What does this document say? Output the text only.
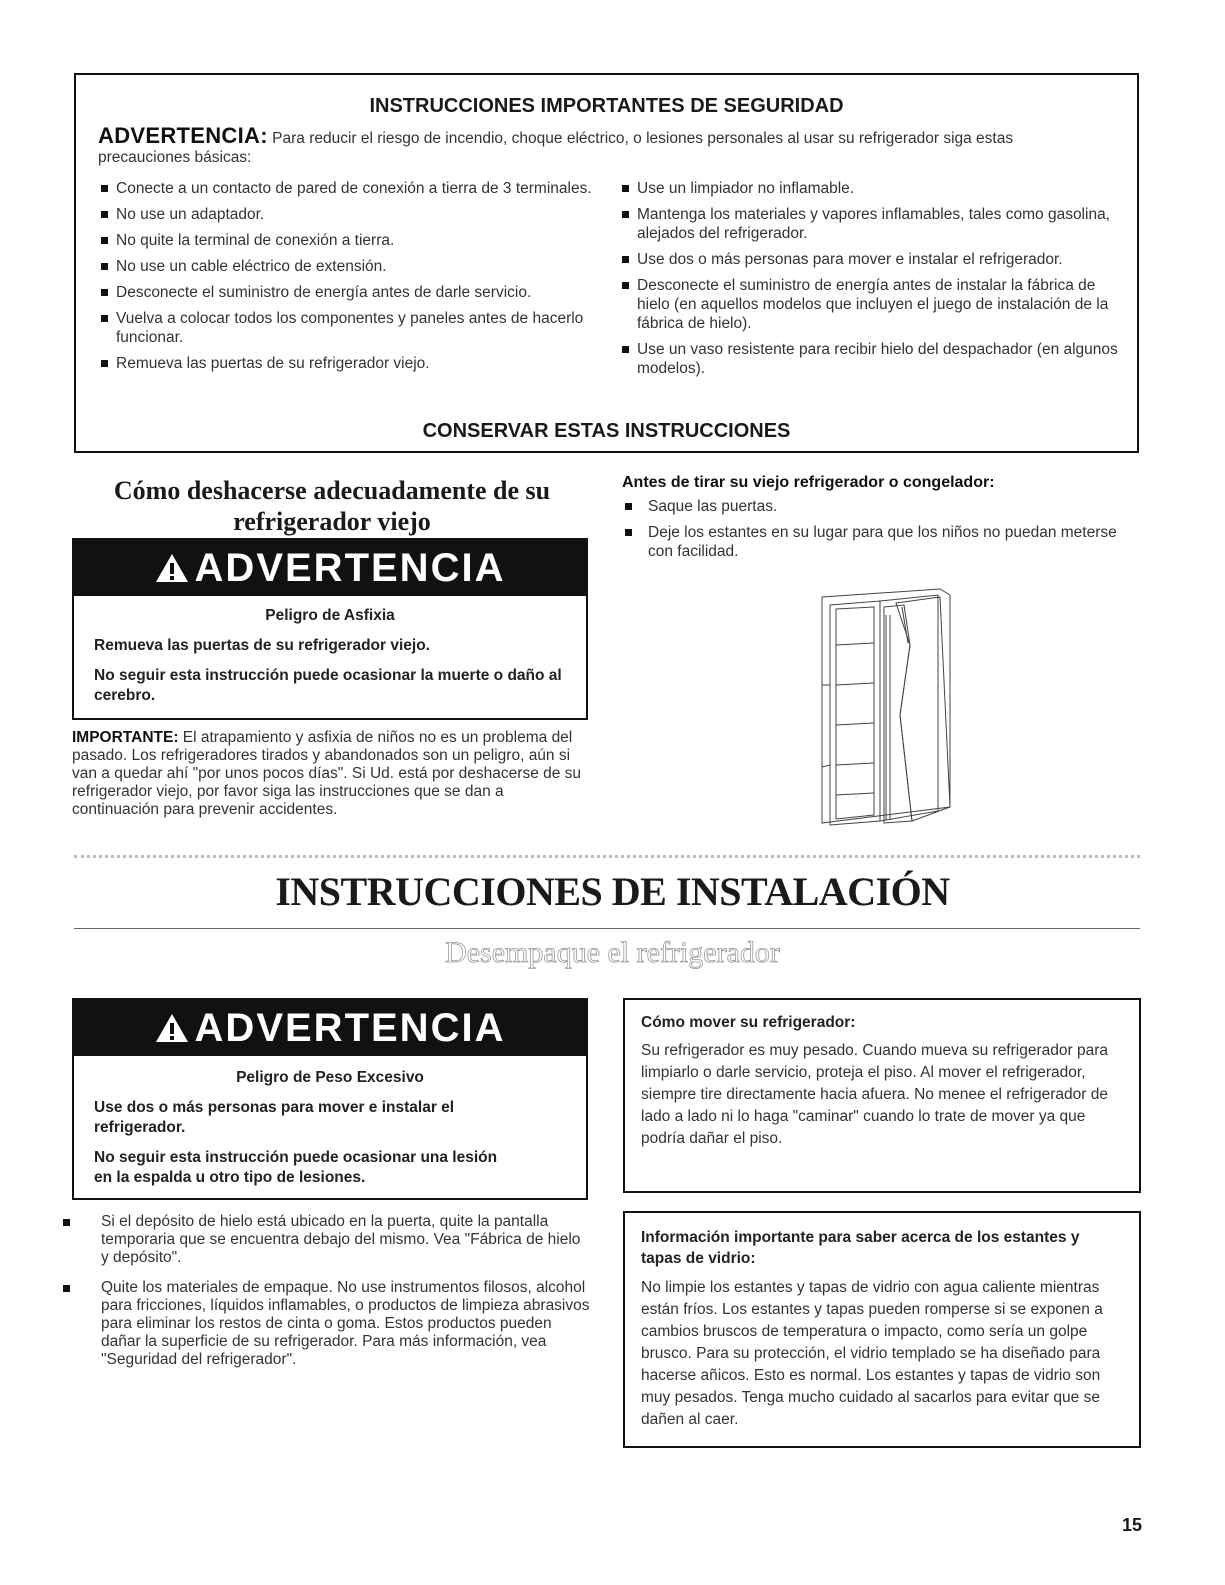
INSTRUCCIONES IMPORTANTES DE SEGURIDAD
ADVERTENCIA: Para reducir el riesgo de incendio, choque eléctrico, o lesiones personales al usar su refrigerador siga estas precauciones básicas:
Conecte a un contacto de pared de conexión a tierra de 3 terminales.
No use un adaptador.
No quite la terminal de conexión a tierra.
No use un cable eléctrico de extensión.
Desconecte el suministro de energía antes de darle servicio.
Vuelva a colocar todos los componentes y paneles antes de hacerlo funcionar.
Remueva las puertas de su refrigerador viejo.
Use un limpiador no inflamable.
Mantenga los materiales y vapores inflamables, tales como gasolina, alejados del refrigerador.
Use dos o más personas para mover e instalar el refrigerador.
Desconecte el suministro de energía antes de instalar la fábrica de hielo (en aquellos modelos que incluyen el juego de instalación de la fábrica de hielo).
Use un vaso resistente para recibir hielo del despachador (en algunos modelos).
CONSERVAR ESTAS INSTRUCCIONES
Cómo deshacerse adecuadamente de su refrigerador viejo
ADVERTENCIA
Peligro de Asfixia
Remueva las puertas de su refrigerador viejo.
No seguir esta instrucción puede ocasionar la muerte o daño al cerebro.
IMPORTANTE: El atrapamiento y asfixia de niños no es un problema del pasado. Los refrigeradores tirados y abandonados son un peligro, aún si van a quedar ahí "por unos pocos días". Si Ud. está por deshacerse de su refrigerador viejo, por favor siga las instrucciones que se dan a continuación para prevenir accidentes.
Antes de tirar su viejo refrigerador o congelador:
Saque las puertas.
Deje los estantes en su lugar para que los niños no puedan meterse con facilidad.
INSTRUCCIONES DE INSTALACIÓN
Desempaque el refrigerador
ADVERTENCIA
Peligro de Peso Excesivo
Use dos o más personas para mover e instalar el refrigerador.
No seguir esta instrucción puede ocasionar una lesión en la espalda u otro tipo de lesiones.
Si el depósito de hielo está ubicado en la puerta, quite la pantalla temporaria que se encuentra debajo del mismo. Vea "Fábrica de hielo y depósito".
Quite los materiales de empaque. No use instrumentos filosos, alcohol para fricciones, líquidos inflamables, o productos de limpieza abrasivos para eliminar los restos de cinta o goma. Estos productos pueden dañar la superficie de su refrigerador. Para más información, vea "Seguridad del refrigerador".
Cómo mover su refrigerador:
Su refrigerador es muy pesado. Cuando mueva su refrigerador para limpiarlo o darle servicio, proteja el piso. Al mover el refrigerador, siempre tire directamente hacia afuera. No menee el refrigerador de lado a lado ni lo haga "caminar" cuando lo trate de mover ya que podría dañar el piso.
Información importante para saber acerca de los estantes y tapas de vidrio:
No limpie los estantes y tapas de vidrio con agua caliente mientras están fríos. Los estantes y tapas pueden romperse si se exponen a cambios bruscos de temperatura o impacto, como sería un golpe brusco. Para su protección, el vidrio templado se ha diseñado para hacerse añicos. Esto es normal. Los estantes y tapas de vidrio son muy pesados. Tenga mucho cuidado al sacarlos para evitar que se dañen al caer.
15
